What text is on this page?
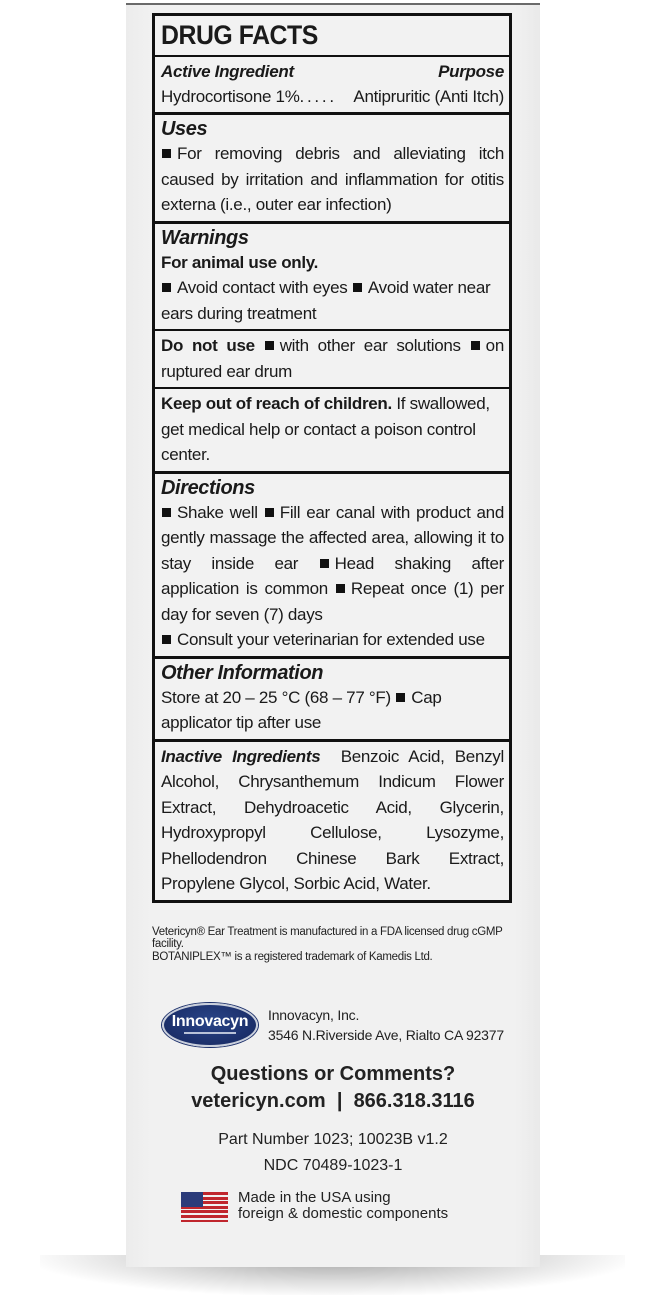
DRUG FACTS
Active Ingredient	Purpose
Hydrocortisone 1%. . . . . Antipruritic (Anti Itch)
Uses
For removing debris and alleviating itch caused by irritation and inflammation for otitis externa (i.e., outer ear infection)
Warnings
For animal use only.
Avoid contact with eyes Avoid water near ears during treatment
Do not use with other ear solutions on ruptured ear drum
Keep out of reach of children. If swallowed, get medical help or contact a poison control center.
Directions
Shake well Fill ear canal with product and gently massage the affected area, allowing it to stay inside ear Head shaking after application is common Repeat once (1) per day for seven (7) days
Consult your veterinarian for extended use
Other Information
Store at 20 – 25 °C (68 – 77 °F) Cap applicator tip after use
Inactive Ingredients Benzoic Acid, Benzyl Alcohol, Chrysanthemum Indicum Flower Extract, Dehydroacetic Acid, Glycerin, Hydroxypropyl Cellulose, Lysozyme, Phellodendron Chinese Bark Extract, Propylene Glycol, Sorbic Acid, Water.
Vetericyn® Ear Treatment is manufactured in a FDA licensed drug cGMP facility.
BOTANIPLEX™ is a registered trademark of Kamedis Ltd.
Innovacyn	Innovacyn, Inc.
3546 N.Riverside Ave, Rialto CA 92377
Questions or Comments?
vetericyn.com | 866.318.3116
Part Number 1023; 10023B v1.2
NDC 70489-1023-1
Made in the USA using
foreign & domestic components
